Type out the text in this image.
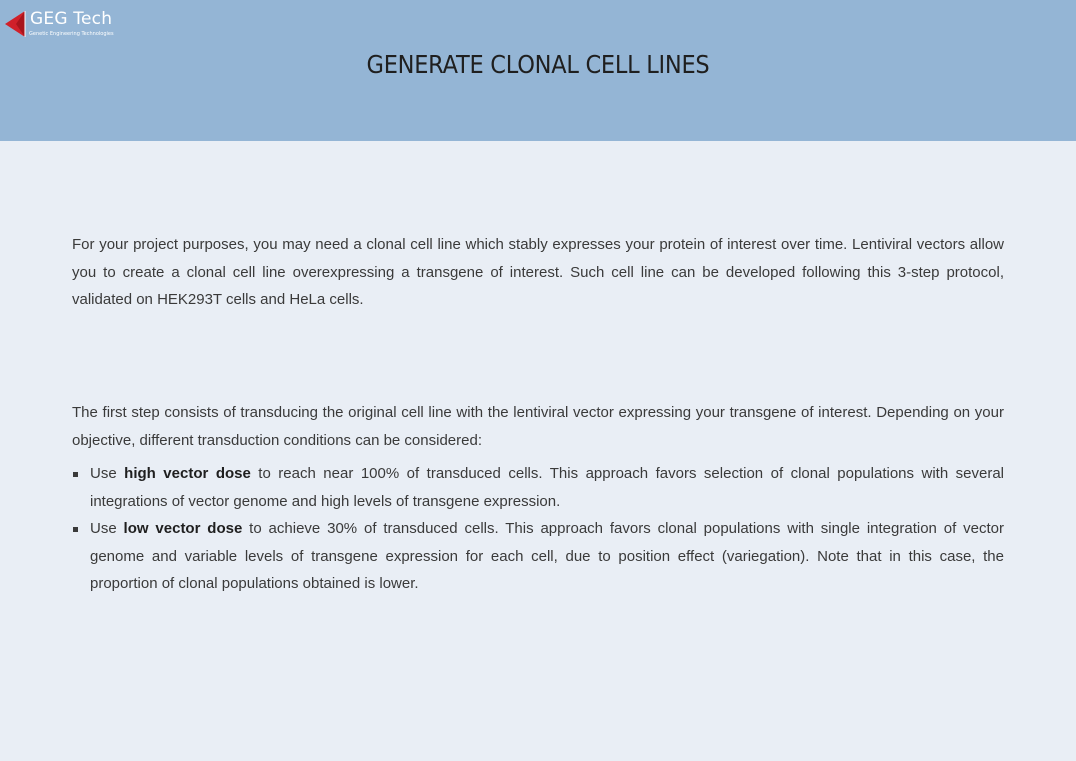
GEG Tech
Genetic Engineering Technologies
GENERATE CLONAL CELL LINES

For your project purposes, you may need a clonal cell line which stably expresses your protein of interest over time. Lentiviral vectors allow you to create a clonal cell line overexpressing a transgene of interest. Such cell line can be developed following this 3-step protocol, validated on HEK293T cells and HeLa cells.

The first step consists of transducing the original cell line with the lentiviral vector expressing your transgene of interest. Depending on your objective, different transduction conditions can be considered:

Use high vector dose to reach near 100% of transduced cells. This approach favors selection of clonal populations with several integrations of vector genome and high levels of transgene expression.
Use low vector dose to achieve 30% of transduced cells. This approach favors clonal populations with single integration of vector genome and variable levels of transgene expression for each cell, due to position effect (variegation). Note that in this case, the proportion of clonal populations obtained is lower.
